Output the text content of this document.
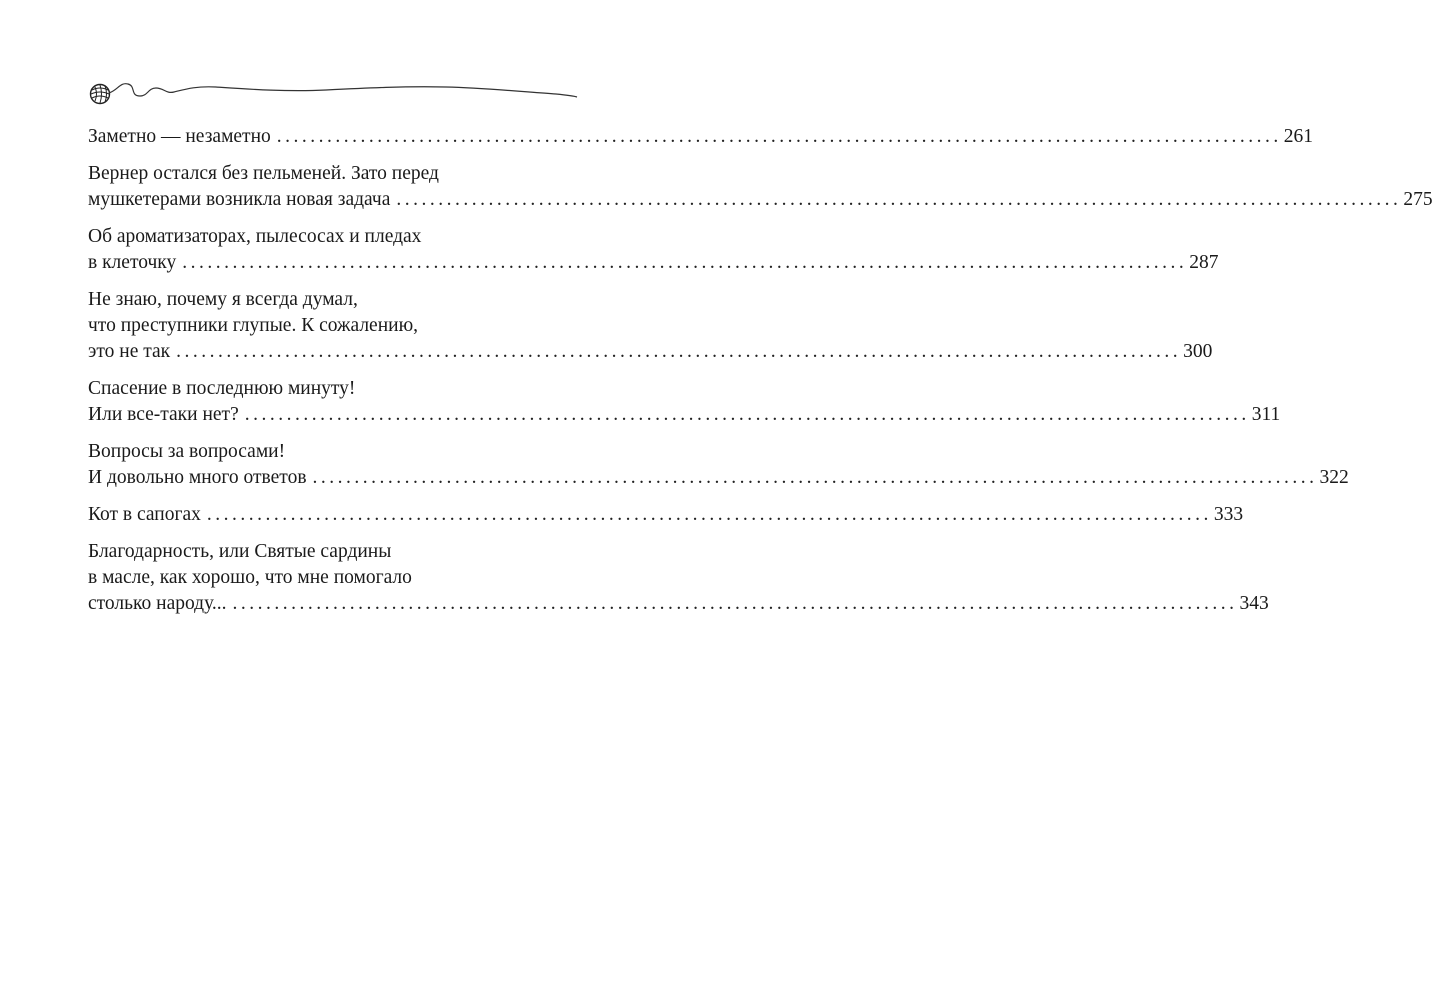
Заметно — незаметно ........................................................................................................................ 261
Вернер остался без пельменей. Зато перед
мушкетерами возникла новая задача ........................................................................................................................ 275
Об ароматизаторах, пылесосах и пледах
в клеточку ........................................................................................................................ 287
Не знаю, почему я всегда думал,
что преступники глупые. К сожалению,
это не так ........................................................................................................................ 300
Спасение в последнюю минуту!
Или все-таки нет? ........................................................................................................................ 311
Вопросы за вопросами!
И довольно много ответов ........................................................................................................................ 322
Кот в сапогах ........................................................................................................................ 333
Благодарность, или Святые сардины
в масле, как хорошо, что мне помогало
столько народу... ........................................................................................................................ 343
